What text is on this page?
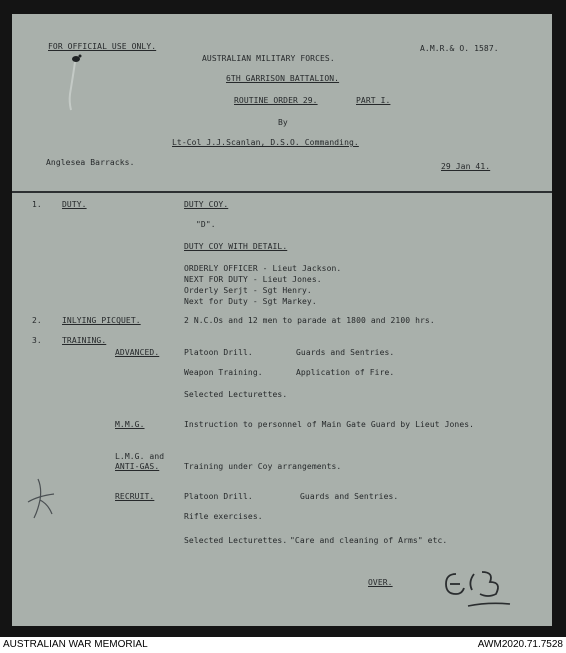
FOR OFFICIAL USE ONLY.	A.M.R.& O. 1587.
AUSTRALIAN MILITARY FORCES.
6TH GARRISON BATTALION.
ROUTINE ORDER 29.	PART I.
By
Lt-Col J.J.Scanlan, D.S.O. Commanding.
Anglesea Barracks.	29 Jan 41.
1.	DUTY.	DUTY COY.
"D".
DUTY COY WITH DETAIL.
ORDERLY OFFICER - Lieut Jackson.
NEXT FOR DUTY - Lieut Jones.
Orderly Serjt - Sgt Henry.
Next for Duty - Sgt Markey.
2.	INLYING PICQUET.	2 N.C.Os and 12 men to parade at 1800 and 2100 hrs.
3.	TRAINING.
ADVANCED.	Platoon Drill.	Guards and Sentries.
Weapon Training.	Application of Fire.
Selected Lecturettes.
M.M.G.	Instruction to personnel of Main Gate Guard by Lieut Jones.
L.M.G. and
ANTI-GAS.	Training under Coy arrangements.
RECRUIT.	Platoon Drill.	Guards and Sentries.
Rifle exercises.
Selected Lecturettes. "Care and cleaning of Arms" etc.
OVER.
AUSTRALIAN WAR MEMORIAL	AWM2020.71.7528
